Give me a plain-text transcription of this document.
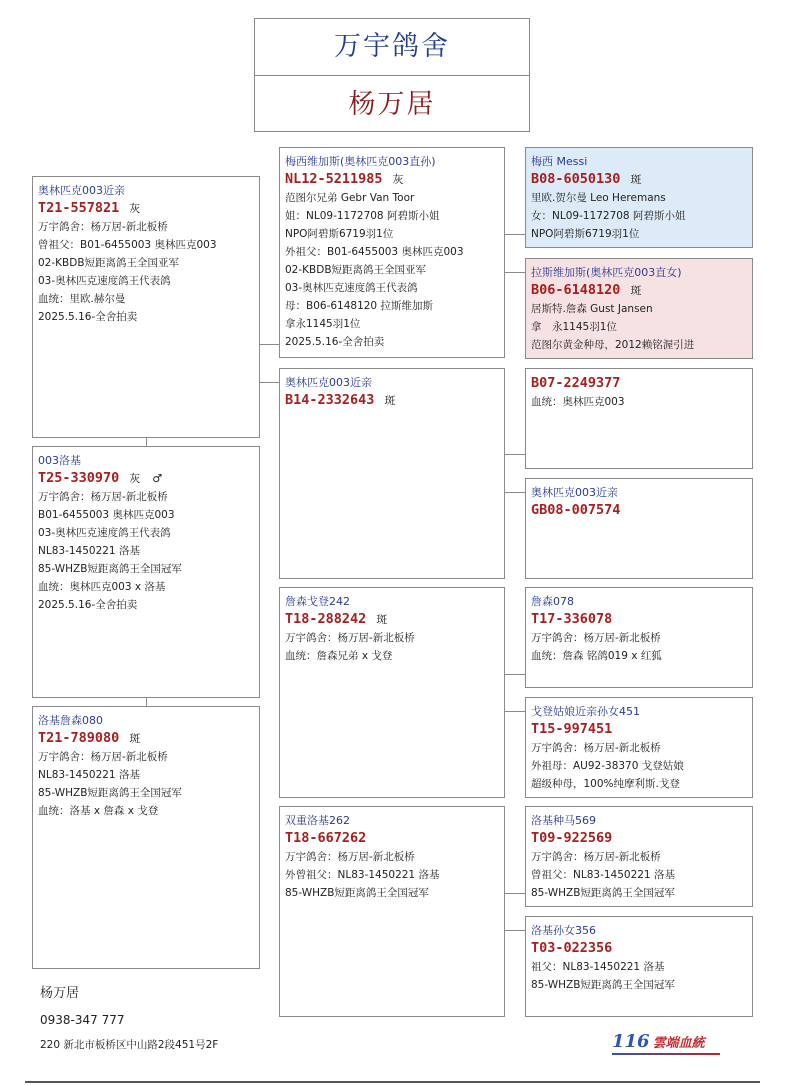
万宇鸽舍
杨万居
奥林匹克003近亲
T21-557821 灰
万宇鸽舍：杨万居-新北板桥
曾祖父：B01-6455003 奥林匹克003
02-KBDB短距离鸽王全国亚军
03-奥林匹克速度鸽王代表鸽
血统：里欧.赫尔曼
2025.5.16-全舍拍卖
003洛基
T25-330970 灰 ♂
万宇鸽舍：杨万居-新北板桥
B01-6455003 奥林匹克003
03-奥林匹克速度鸽王代表鸽
NL83-1450221 洛基
85-WHZB短距离鸽王全国冠军
血统：奥林匹克003 x 洛基
2025.5.16-全舍拍卖
洛基詹森080
T21-789080 斑
万宇鸽舍：杨万居-新北板桥
NL83-1450221 洛基
85-WHZB短距离鸽王全国冠军
血统：洛基 x 詹森 x 戈登
梅西维加斯(奥林匹克003直孙)
NL12-5211985 灰
范图尔兄弟 Gebr Van Toor
姐：NL09-1172708 阿碧斯小姐
NPO阿碧斯6719羽1位
外祖父：B01-6455003 奥林匹克003
02-KBDB短距离鸽王全国亚军
03-奥林匹克速度鸽王代表鸽
母：B06-6148120 拉斯维加斯
拿永1145羽1位
2025.5.16-全舍拍卖
奥林匹克003近亲
B14-2332643 斑
詹森戈登242
T18-288242 斑
万宇鸽舍：杨万居-新北板桥
血统：詹森兄弟 x 戈登
双重洛基262
T18-667262
万宇鸽舍：杨万居-新北板桥
外曾祖父：NL83-1450221 洛基
85-WHZB短距离鸽王全国冠军
梅西 Messi
B08-6050130 斑
里欧.贺尔曼 Leo Heremans
女：NL09-1172708 阿碧斯小姐
NPO阿碧斯6719羽1位
拉斯维加斯(奥林匹克003直女)
B06-6148120 斑
居斯特.詹森 Gust Jansen
拿　永1145羽1位
范图尔黄金种母，2012赖铭渥引进
B07-2249377
血统：奥林匹克003
奥林匹克003近亲
GB08-007574
詹森078
T17-336078
万宇鸽舍：杨万居-新北板桥
血统：詹森 铭鸽019 x 红狐
戈登姑娘近亲孙女451
T15-997451
万宇鸽舍：杨万居-新北板桥
外祖母：AU92-38370 戈登姑娘
超级种母，100%纯摩利斯.戈登
洛基种马569
T09-922569
万宇鸽舍：杨万居-新北板桥
曾祖父：NL83-1450221 洛基
85-WHZB短距离鸽王全国冠军
洛基孙女356
T03-022356
祖父：NL83-1450221 洛基
85-WHZB短距离鸽王全国冠军
杨万居
0938-347 777
220 新北市板桥区中山路2段451号2F	116 雲端血統
